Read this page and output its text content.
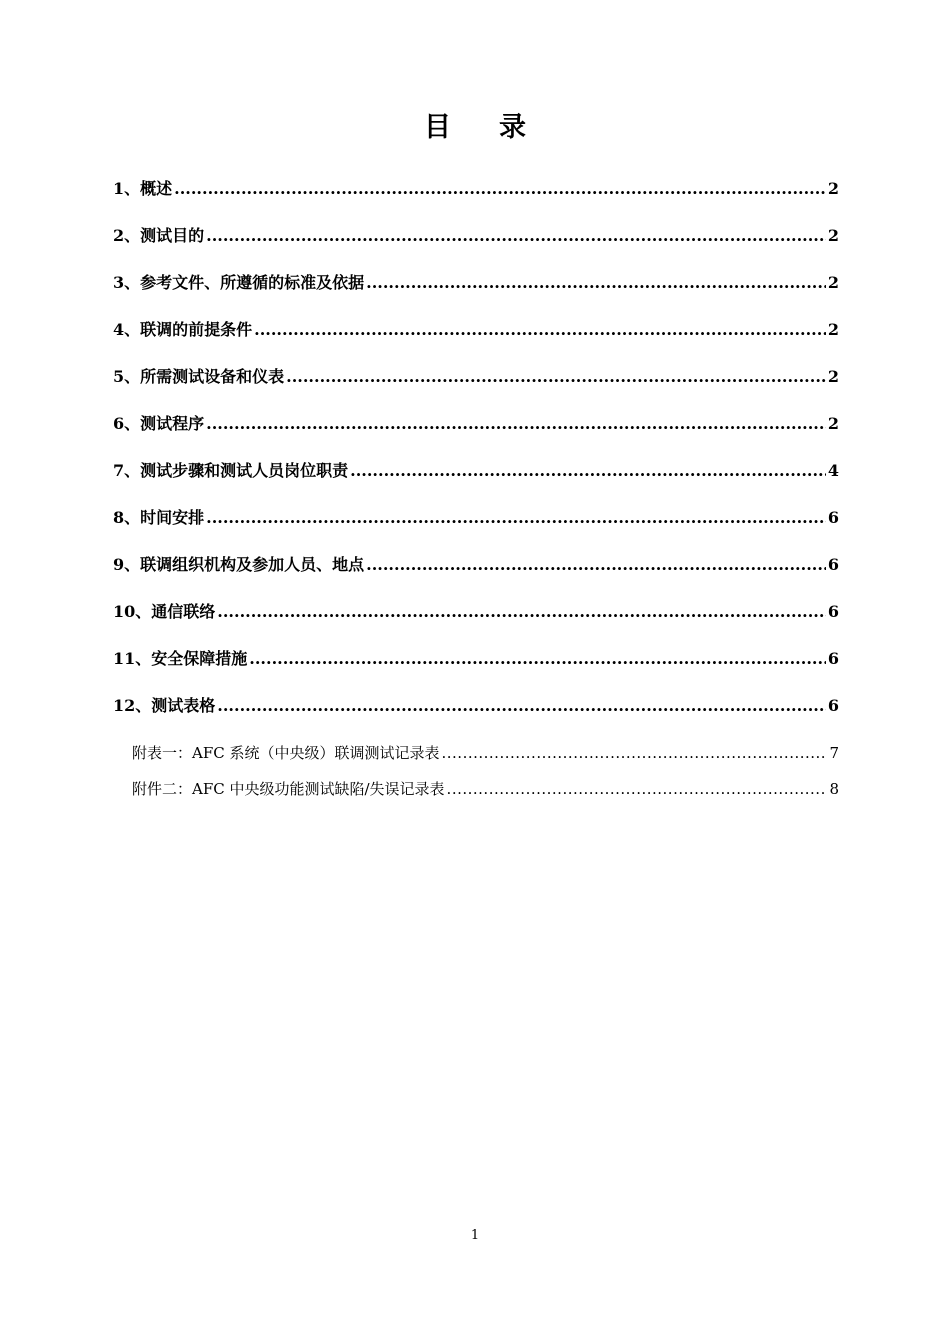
目录
1、概述 .....	2
2、测试目的 .....	2
3、参考文件、所遵循的标准及依据 .....	2
4、联调的前提条件 .....	2
5、所需测试设备和仪表 .....	2
6、测试程序 .....	2
7、测试步骤和测试人员岗位职责 .....	4
8、时间安排 .....	6
9、联调组织机构及参加人员、地点 .....	6
10、通信联络 .....	6
11、安全保障措施 .....	6
12、测试表格 .....	6
附表一：AFC 系统（中央级）联调测试记录表 .....	7
附件二：AFC 中央级功能测试缺陷/失误记录表 .....	8
1
